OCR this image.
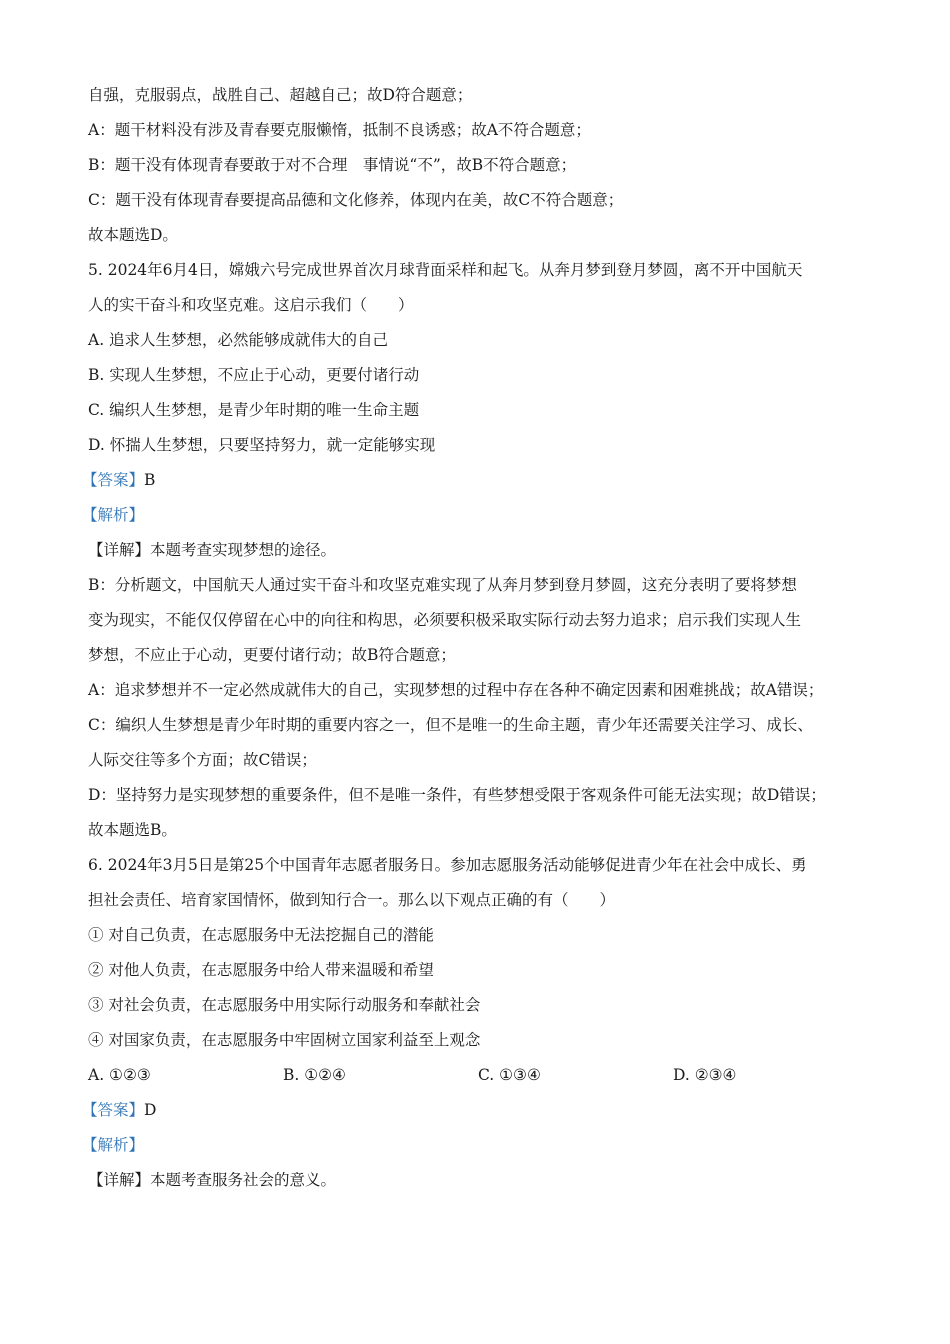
自强，克服弱点，战胜自己、超越自己；故D符合题意；
A：题干材料没有涉及青春要克服懒惰，抵制不良诱惑；故A不符合题意；
B：题干没有体现青春要敢于对不合理　事情说“不”，故B不符合题意；
C：题干没有体现青春要提高品德和文化修养，体现内在美，故C不符合题意；
故本题选D。
5. 2024年6月4日，嫦娥六号完成世界首次月球背面采样和起飞。从奔月梦到登月梦圆，离不开中国航天
人的实干奋斗和攻坚克难。这启示我们（　　）
A. 追求人生梦想，必然能够成就伟大的自己
B. 实现人生梦想，不应止于心动，更要付诸行动
C. 编织人生梦想，是青少年时期的唯一生命主题
D. 怀揣人生梦想，只要坚持努力，就一定能够实现
【答案】B
【解析】
【详解】本题考查实现梦想的途径。
B：分析题文，中国航天人通过实干奋斗和攻坚克难实现了从奔月梦到登月梦圆，这充分表明了要将梦想
变为现实，不能仅仅停留在心中的向往和构思，必须要积极采取实际行动去努力追求；启示我们实现人生
梦想，不应止于心动，更要付诸行动；故B符合题意；
A：追求梦想并不一定必然成就伟大的自己，实现梦想的过程中存在各种不确定因素和困难挑战；故A错误；
C：编织人生梦想是青少年时期的重要内容之一，但不是唯一的生命主题，青少年还需要关注学习、成长、
人际交往等多个方面；故C错误；
D：坚持努力是实现梦想的重要条件，但不是唯一条件，有些梦想受限于客观条件可能无法实现；故D错误；
故本题选B。
6. 2024年3月5日是第25个中国青年志愿者服务日。参加志愿服务活动能够促进青少年在社会中成长、勇
担社会责任、培育家国情怀，做到知行合一。那么以下观点正确的有（　　）
① 对自己负责，在志愿服务中无法挖掘自己的潜能
② 对他人负责，在志愿服务中给人带来温暖和希望
③ 对社会负责，在志愿服务中用实际行动服务和奉献社会
④ 对国家负责，在志愿服务中牢固树立国家利益至上观念
A. ①②③	B. ①②④	C. ①③④	D. ②③④
【答案】D
【解析】
【详解】本题考查服务社会的意义。
